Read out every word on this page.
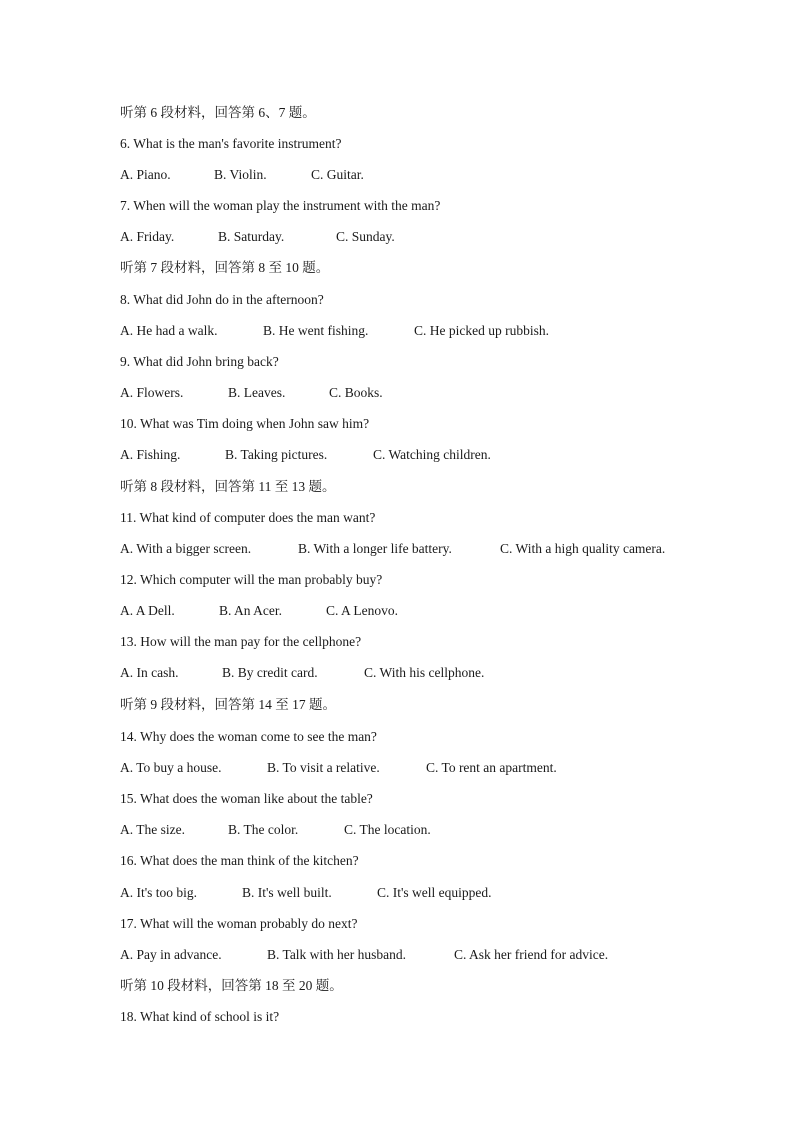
听第 6 段材料，回答第 6、7 题。
6. What is the man's favorite instrument?
A. Piano.	B. Violin.	C. Guitar.
7. When will the woman play the instrument with the man?
A. Friday.	B. Saturday.	C. Sunday.
听第 7 段材料，回答第 8 至 10 题。
8. What did John do in the afternoon?
A. He had a walk.	B. He went fishing.	C. He picked up rubbish.
9. What did John bring back?
A. Flowers.	B. Leaves.	C. Books.
10. What was Tim doing when John saw him?
A. Fishing.	B. Taking pictures.	C. Watching children.
听第 8 段材料，回答第 11 至 13 题。
11. What kind of computer does the man want?
A. With a bigger screen.	B. With a longer life battery.	C. With a high quality camera.
12. Which computer will the man probably buy?
A. A Dell.	B. An Acer.	C. A Lenovo.
13. How will the man pay for the cellphone?
A. In cash.	B. By credit card.	C. With his cellphone.
听第 9 段材料，回答第 14 至 17 题。
14. Why does the woman come to see the man?
A. To buy a house.	B. To visit a relative.	C. To rent an apartment.
15. What does the woman like about the table?
A. The size.	B. The color.	C. The location.
16. What does the man think of the kitchen?
A. It's too big.	B. It's well built.	C. It's well equipped.
17. What will the woman probably do next?
A. Pay in advance.	B. Talk with her husband.	C. Ask her friend for advice.
听第 10 段材料，回答第 18 至 20 题。
18. What kind of school is it?
